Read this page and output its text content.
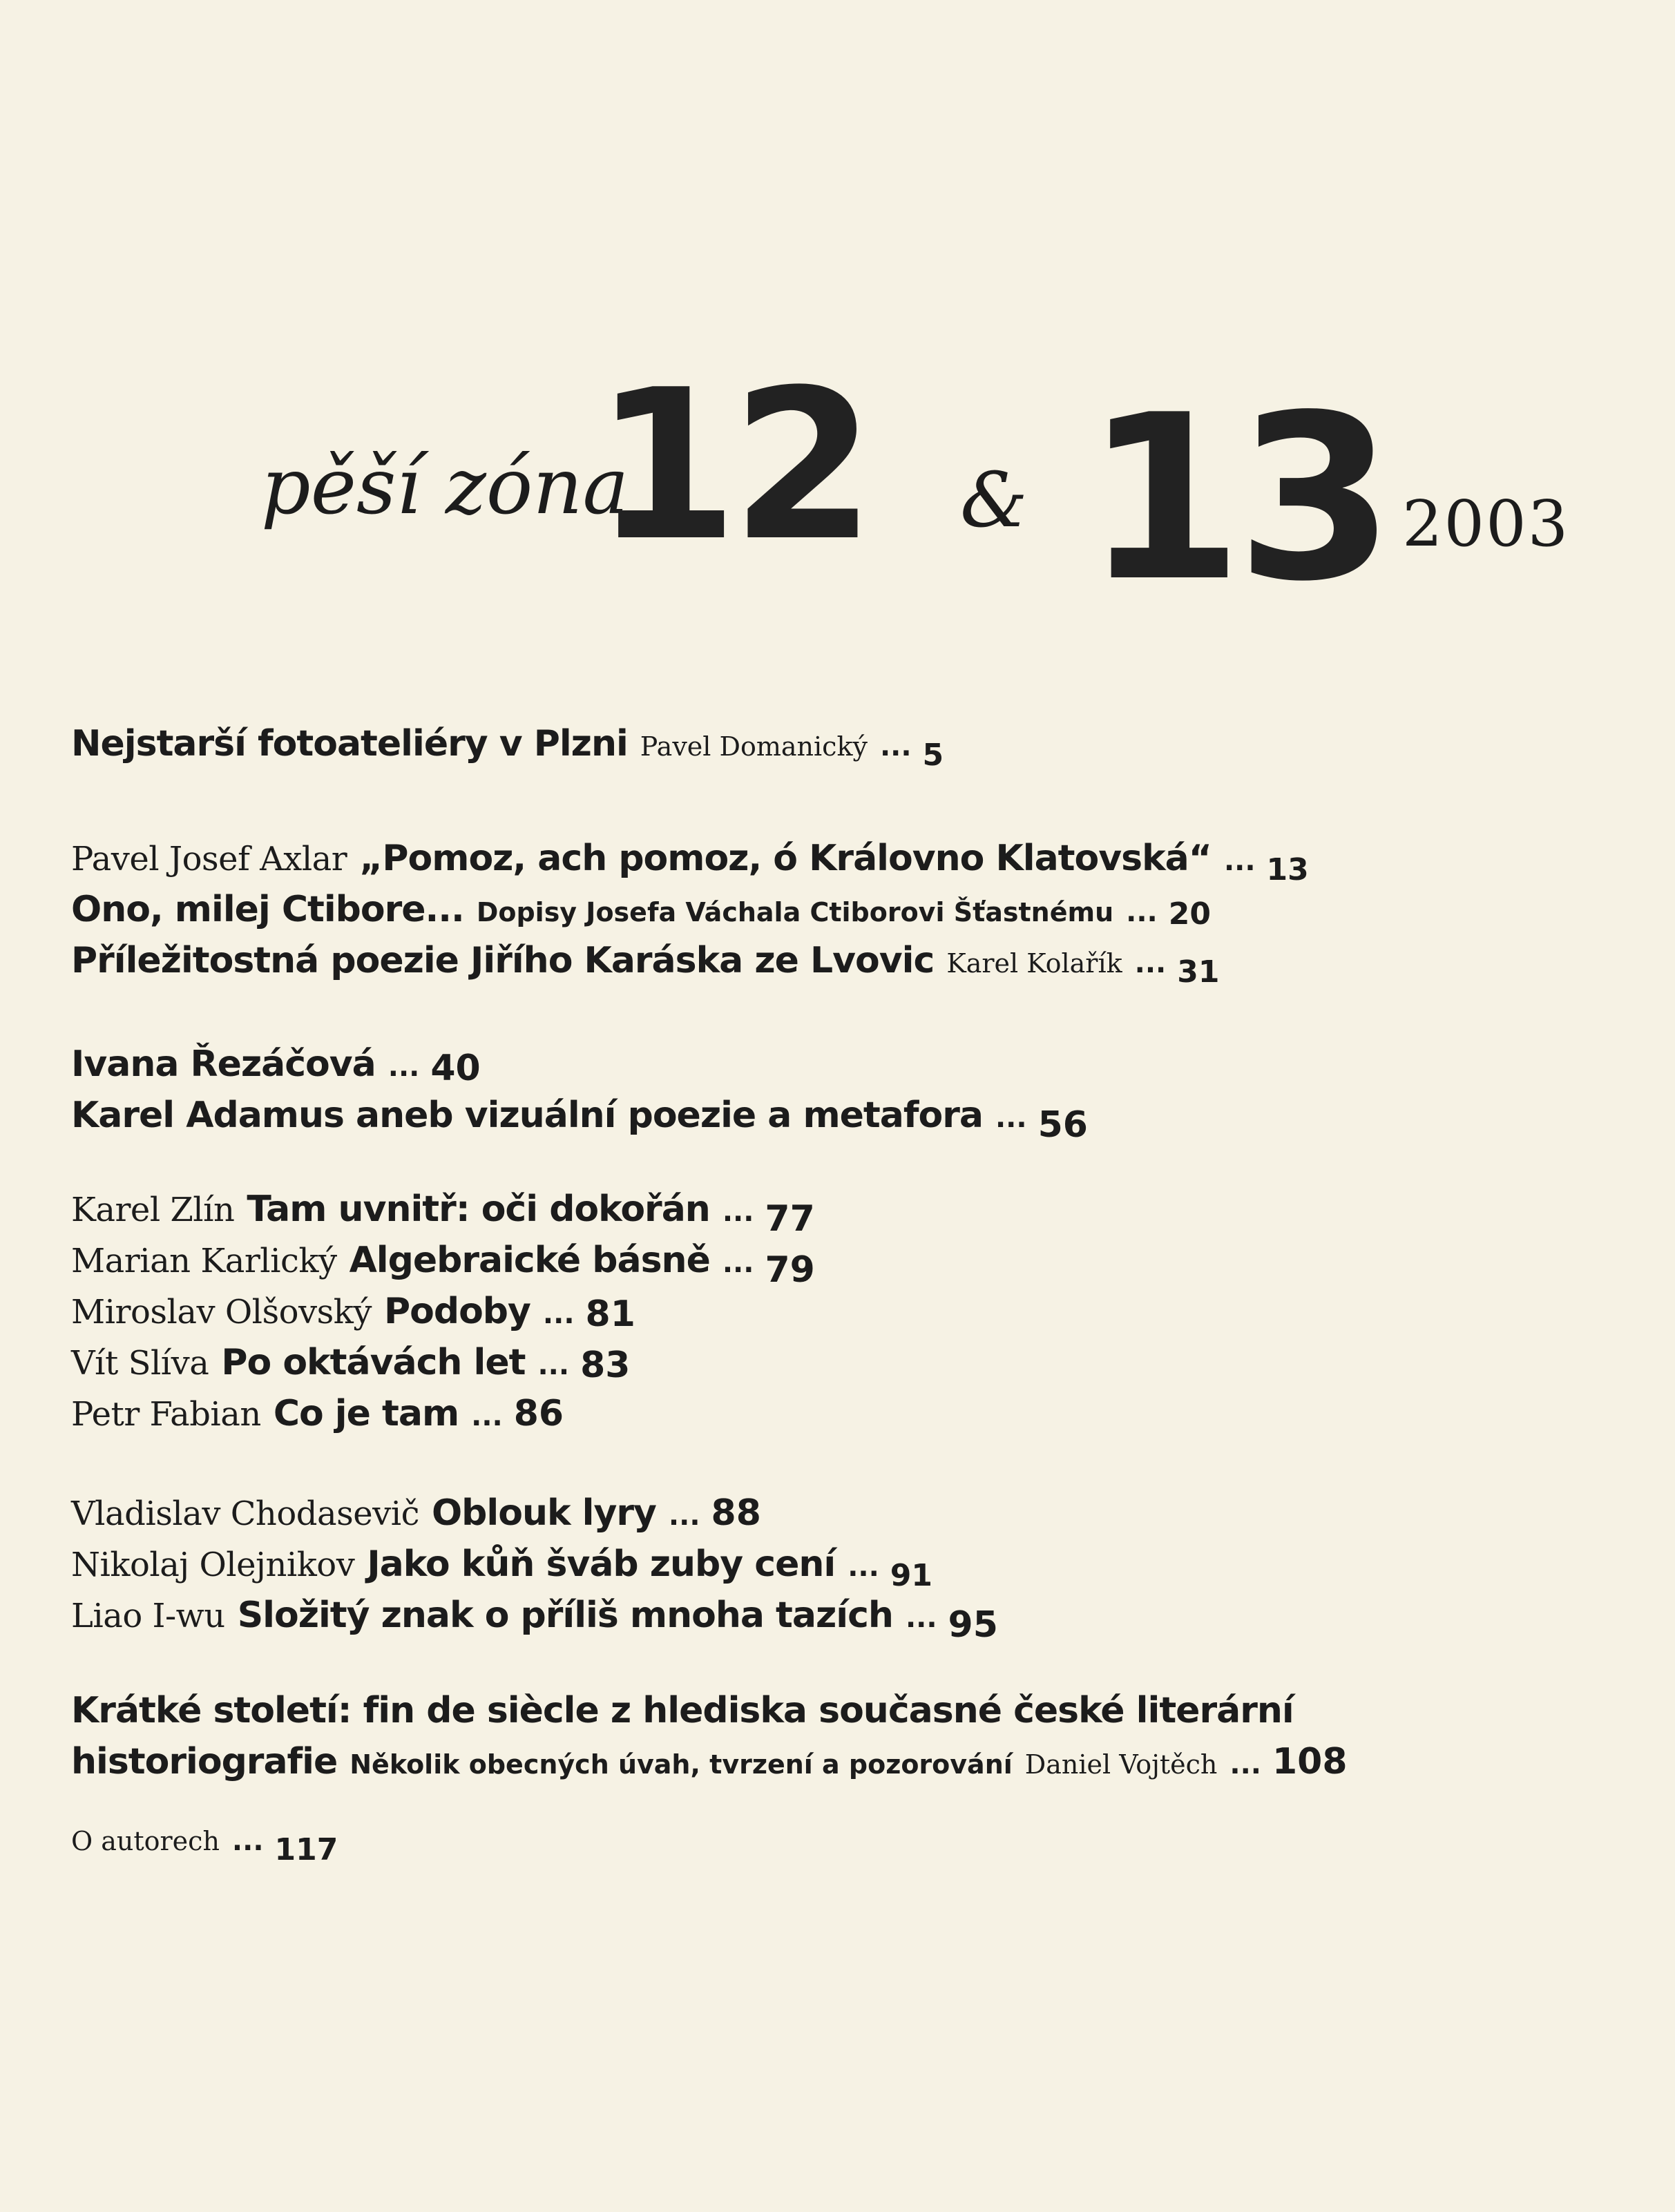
pěší zóna
12 & 13 2003
Nejstarší fotoateliéry v Plzni Pavel Domanický ... 5
Pavel Josef Axlar „Pomoz, ach pomoz, ó Královno Klatovská“ ... 13
Ono, milej Ctibore... Dopisy Josefa Váchala Ctiborovi Šťastnému ... 20
Příležitostná poezie Jiřího Karáska ze Lvovic Karel Kolařík ... 31
Ivana Řezáčová ... 40
Karel Adamus aneb vizuální poezie a metafora ... 56
Karel Zlín Tam uvnitř: oči dokořán ... 77
Marian Karlický Algebraické básně ... 79
Miroslav Olšovský Podoby ... 81
Vít Slíva Po oktávách let ... 83
Petr Fabian Co je tam ... 86
Vladislav Chodasevič Oblouk lyry ... 88
Nikolaj Olejnikov Jako kůň šváb zuby cení ... 91
Liao I-wu Složitý znak o příliš mnoha tazích ... 95
Krátké století: fin de siècle z hlediska současné české literární
historiografie Několik obecných úvah, tvrzení a pozorování Daniel Vojtěch ... 108
O autorech ... 117
